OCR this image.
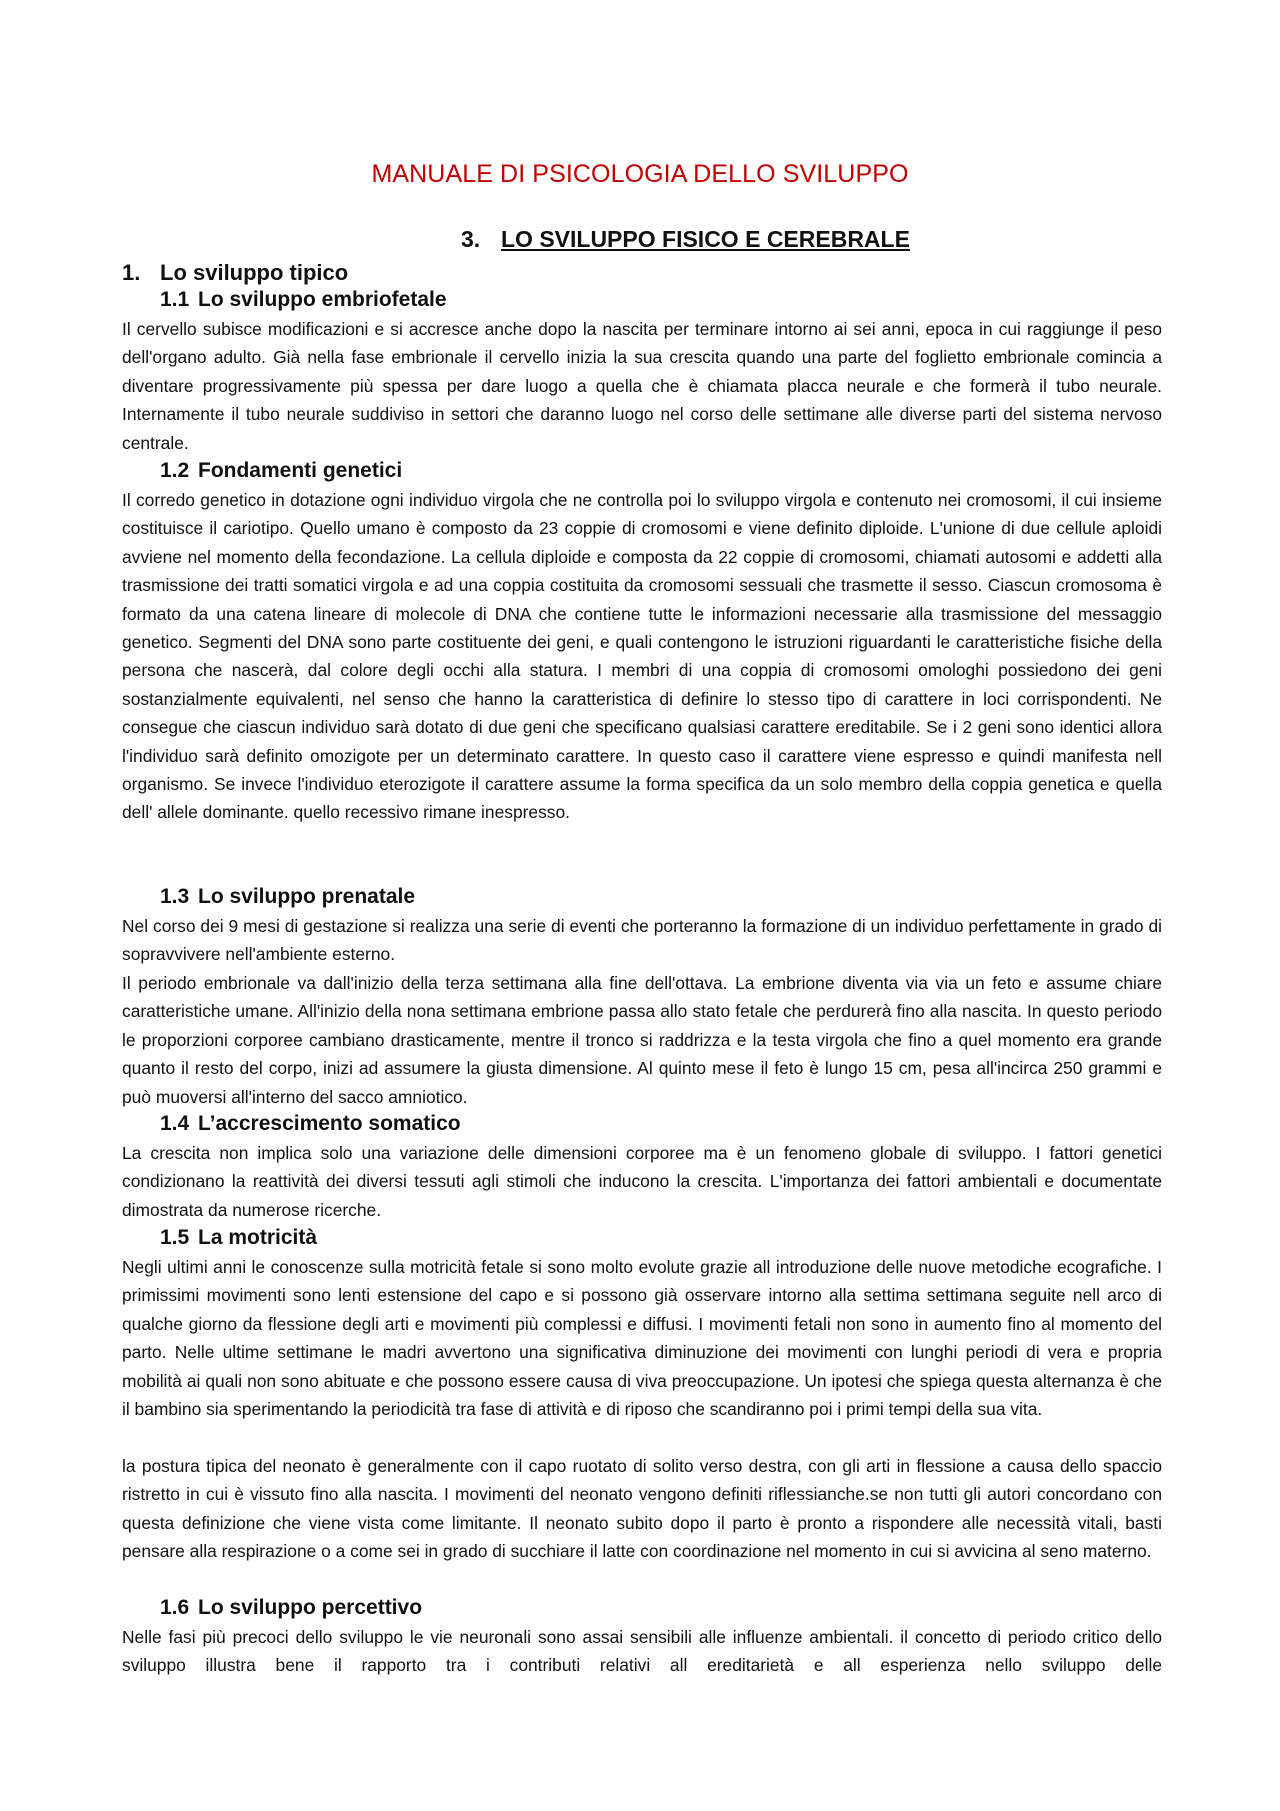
MANUALE DI PSICOLOGIA DELLO SVILUPPO
3. LO SVILUPPO FISICO E CEREBRALE
1. Lo sviluppo tipico
1.1 Lo sviluppo embriofetale
Il cervello subisce modificazioni e si accresce anche dopo la nascita per terminare intorno ai sei anni, epoca in cui raggiunge il peso dell'organo adulto. Già nella fase embrionale il cervello inizia la sua crescita quando una parte del foglietto embrionale comincia a diventare progressivamente più spessa per dare luogo a quella che è chiamata placca neurale e che formerà il tubo neurale. Internamente il tubo neurale suddiviso in settori che daranno luogo nel corso delle settimane alle diverse parti del sistema nervoso centrale.
1.2 Fondamenti genetici
Il corredo genetico in dotazione ogni individuo virgola che ne controlla poi lo sviluppo virgola e contenuto nei cromosomi, il cui insieme costituisce il cariotipo. Quello umano è composto da 23 coppie di cromosomi e viene definito diploide. L'unione di due cellule aploidi avviene nel momento della fecondazione. La cellula diploide e composta da 22 coppie di cromosomi, chiamati autosomi e addetti alla trasmissione dei tratti somatici virgola e ad una coppia costituita da cromosomi sessuali che trasmette il sesso. Ciascun cromosoma è formato da una catena lineare di molecole di DNA che contiene tutte le informazioni necessarie alla trasmissione del messaggio genetico. Segmenti del DNA sono parte costituente dei geni, e quali contengono le istruzioni riguardanti le caratteristiche fisiche della persona che nascerà, dal colore degli occhi alla statura. I membri di una coppia di cromosomi omologhi possiedono dei geni sostanzialmente equivalenti, nel senso che hanno la caratteristica di definire lo stesso tipo di carattere in loci corrispondenti. Ne consegue che ciascun individuo sarà dotato di due geni che specificano qualsiasi carattere ereditabile. Se i 2 geni sono identici allora l'individuo sarà definito omozigote per un determinato carattere. In questo caso il carattere viene espresso e quindi manifesta nell organismo. Se invece l'individuo eterozigote il carattere assume la forma specifica da un solo membro della coppia genetica e quella dell' allele dominante. quello recessivo rimane inespresso.
1.3 Lo sviluppo prenatale
Nel corso dei 9 mesi di gestazione si realizza una serie di eventi che porteranno la formazione di un individuo perfettamente in grado di sopravvivere nell'ambiente esterno.
Il periodo embrionale va dall'inizio della terza settimana alla fine dell'ottava. La embrione diventa via via un feto e assume chiare caratteristiche umane. All'inizio della nona settimana embrione passa allo stato fetale che perdurerà fino alla nascita. In questo periodo le proporzioni corporee cambiano drasticamente, mentre il tronco si raddrizza e la testa virgola che fino a quel momento era grande quanto il resto del corpo, inizi ad assumere la giusta dimensione. Al quinto mese il feto è lungo 15 cm, pesa all'incirca 250 grammi e può muoversi all'interno del sacco amniotico.
1.4 L’accrescimento somatico
La crescita non implica solo una variazione delle dimensioni corporee ma è un fenomeno globale di sviluppo. I fattori genetici condizionano la reattività dei diversi tessuti agli stimoli che inducono la crescita. L'importanza dei fattori ambientali e documentate dimostrata da numerose ricerche.
1.5 La motricità
Negli ultimi anni le conoscenze sulla motricità fetale si sono molto evolute grazie all introduzione delle nuove metodiche ecografiche. I primissimi movimenti sono lenti estensione del capo e si possono già osservare intorno alla settima settimana seguite nell arco di qualche giorno da flessione degli arti e movimenti più complessi e diffusi. I movimenti fetali non sono in aumento fino al momento del parto. Nelle ultime settimane le madri avvertono una significativa diminuzione dei movimenti con lunghi periodi di vera e propria mobilità ai quali non sono abituate e che possono essere causa di viva preoccupazione. Un ipotesi che spiega questa alternanza è che il bambino sia sperimentando la periodicità tra fase di attività e di riposo che scandiranno poi i primi tempi della sua vita.
la postura tipica del neonato è generalmente con il capo ruotato di solito verso destra, con gli arti in flessione a causa dello spaccio ristretto in cui è vissuto fino alla nascita. I movimenti del neonato vengono definiti riflessianche.se non tutti gli autori concordano con questa definizione che viene vista come limitante. Il neonato subito dopo il parto è pronto a rispondere alle necessità vitali, basti pensare alla respirazione o a come sei in grado di succhiare il latte con coordinazione nel momento in cui si avvicina al seno materno.
1.6 Lo sviluppo percettivo
Nelle fasi più precoci dello sviluppo le vie neuronali sono assai sensibili alle influenze ambientali. il concetto di periodo critico dello sviluppo illustra bene il rapporto tra i contributi relativi all ereditarietà e all esperienza nello sviluppo delle
